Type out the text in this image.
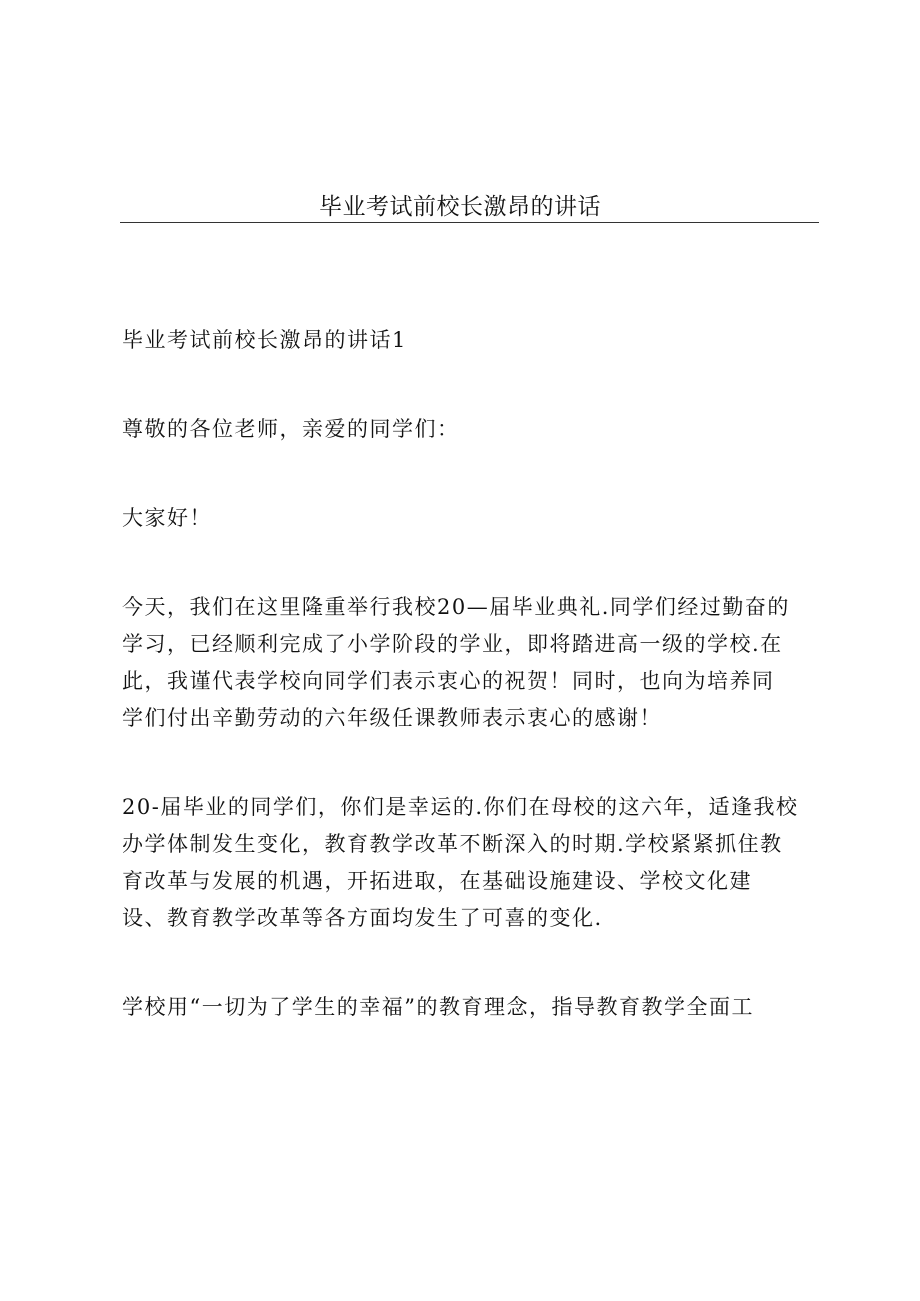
毕业考试前校长激昂的讲话

毕业考试前校长激昂的讲话1

尊敬的各位老师，亲爱的同学们：

大家好！

今天，我们在这里隆重举行我校20—届毕业典礼.同学们经过勤奋的
学习，已经顺利完成了小学阶段的学业，即将踏进高一级的学校.在
此，我谨代表学校向同学们表示衷心的祝贺！同时，也向为培养同
学们付出辛勤劳动的六年级任课教师表示衷心的感谢！

20-届毕业的同学们，你们是幸运的.你们在母校的这六年，适逢我校
办学体制发生变化，教育教学改革不断深入的时期.学校紧紧抓住教
育改革与发展的机遇，开拓进取，在基础设施建设、学校文化建
设、教育教学改革等各方面均发生了可喜的变化.

学校用“一切为了学生的幸福”的教育理念，指导教育教学全面工
